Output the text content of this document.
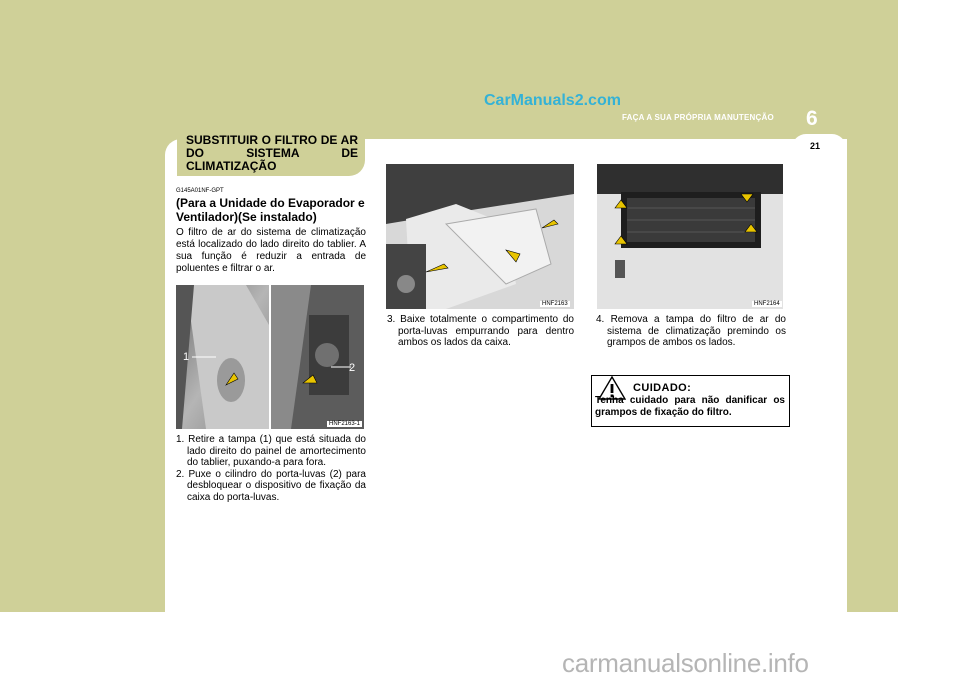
CarManuals2.com
FAÇA A SUA PRÓPRIA MANUTENÇÃO 6
21
SUBSTITUIR O FILTRO DE AR DO SISTEMA DE CLIMATIZAÇÃO
G145A01NF-GPT
(Para a Unidade do Evaporador e Ventilador)(Se instalado)
O filtro de ar do sistema de climatização está localizado do lado direito do tablier. A sua função é reduzir a entrada de poluentes e filtrar o ar.
1
2
HNF2163-1
1. Retire a tampa (1) que está situada do lado direito do painel de amortecimento do tablier, puxando-a para fora.
2. Puxe o cilindro do porta-luvas (2) para desbloquear o dispositivo de fixação da caixa do porta-luvas.
HNF2163
3. Baixe totalmente o compartimento do porta-luvas empurrando para dentro ambos os lados da caixa.
HNF2164
4. Remova a tampa do filtro de ar do sistema de climatização premindo os grampos de ambos os lados.
CUIDADO:
Tenha cuidado para não danificar os grampos de fixação do filtro.
carmanualsonline.info
